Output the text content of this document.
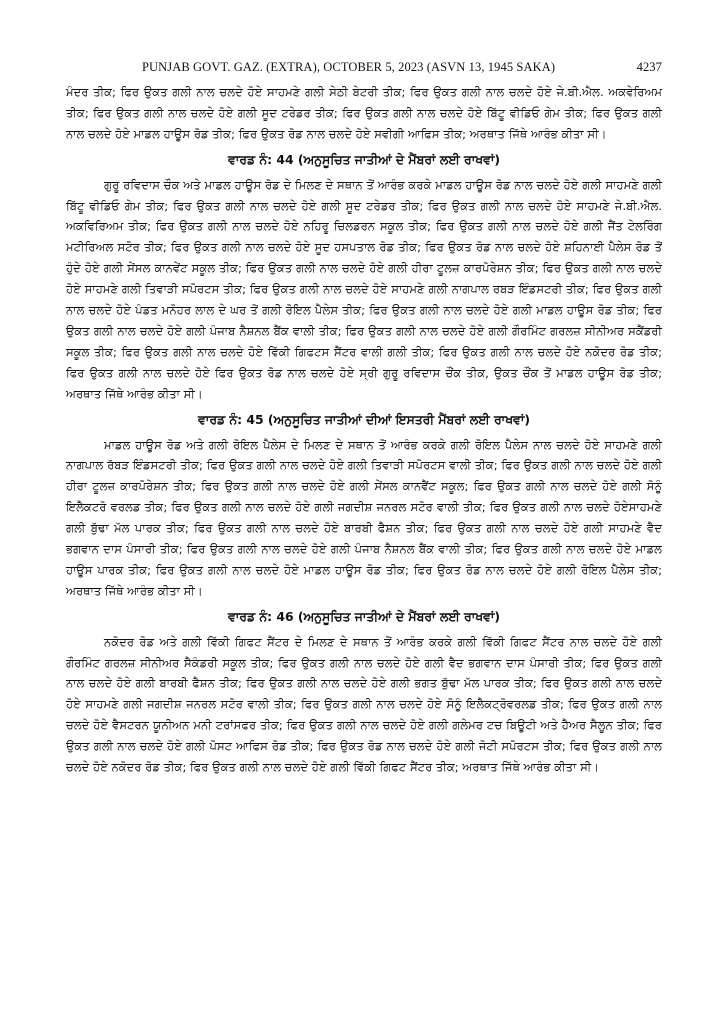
PUNJAB GOVT. GAZ. (EXTRA), OCTOBER 5, 2023 (ASVN 13, 1945 SAKA)	4237

ਮੰਦਰ ਤੀਕ; ਫਿਰ ਉਕਤ ਗਲੀ ਨਾਲ ਚਲਦੇ ਹੋਏ ਸਾਹਮਣੇ ਗਲੀ ਸੇਠੀ ਬੇਟਰੀ ਤੀਕ; ਫਿਰ ਉਕਤ ਗਲੀ ਨਾਲ ਚਲਦੇ ਹੋਏ ਜੇ.ਬੀ.ਐਲ. ਅਕਵੇਰਿਅਮ ਤੀਕ; ਫਿਰ ਉਕਤ ਗਲੀ ਨਾਲ ਚਲਦੇ ਹੋਏ ਗਲੀ ਸੂਦ ਟਰੇਡਰ ਤੀਕ; ਫਿਰ ਉਕਤ ਗਲੀ ਨਾਲ ਚਲਦੇ ਹੋਏ ਬਿੱਟੂ ਵੀਡਿਓ ਗੇਮ ਤੀਕ; ਫਿਰ ਉਕਤ ਗਲੀ ਨਾਲ ਚਲਦੇ ਹੋਏ ਮਾਡਲ ਹਾਊਸ ਰੋਡ ਤੀਕ; ਫਿਰ ਉਕਤ ਰੋਡ ਨਾਲ ਚਲਦੇ ਹੋਏ ਸਵੀਗੀ ਆਫਿਸ ਤੀਕ; ਅਰਥਾਤ ਜਿੱਥੇ ਆਰੰਭ ਕੀਤਾ ਸੀ।

ਵਾਰਡ ਨੰ: 44 (ਅਨੁਸੂਚਿਤ ਜਾਤੀਆਂ ਦੇ ਮੈਂਬਰਾਂ ਲਈ ਰਾਖਵਾਂ)

ਗੁਰੂ ਰਵਿਦਾਸ ਚੌਕ ਅਤੇ ਮਾਡਲ ਹਾਊਸ ਰੋਡ ਦੇ ਮਿਲਣ ਦੇ ਸਥਾਨ ਤੋਂ ਆਰੰਭ ਕਰਕੇ ਮਾਡਲ ਹਾਊਸ ਰੋਡ ਨਾਲ ਚਲਦੇ ਹੋਏ ਗਲੀ ਸਾਹਮਣੇ ਗਲੀ ਬਿੱਟੂ ਵੀਡਿਓ ਗੇਮ ਤੀਕ; ਫਿਰ ਉਕਤ ਗਲੀ ਨਾਲ ਚਲਦੇ ਹੋਏ ਗਲੀ ਸੂਦ ਟਰੇਡਰ ਤੀਕ; ਫਿਰ ਉਕਤ ਗਲੀ ਨਾਲ ਚਲਦੇ ਹੋਏ ਸਾਹਮਣੇ ਜੇ.ਬੀ.ਐਲ. ਅਕਵਿਰਿਅਮ ਤੀਕ; ਫਿਰ ਉਕਤ ਗਲੀ ਨਾਲ ਚਲਦੇ ਹੋਏ ਨਹਿਰੂ ਚਿਲਡਰਨ ਸਕੂਲ ਤੀਕ; ਫਿਰ ਉਕਤ ਗਲੀ ਨਾਲ ਚਲਦੇ ਹੋਏ ਗਲੀ ਜੈਂਤ ਟੇਲਰਿੰਗ ਮਟੀਰਿਅਲ ਸਟੋਰ ਤੀਕ; ਫਿਰ ਉਕਤ ਗਲੀ ਨਾਲ ਚਲਦੇ ਹੋਏ ਸੂਦ ਹਸਪਤਾਲ ਰੋਡ ਤੀਕ; ਫਿਰ ਉਕਤ ਰੋਡ ਨਾਲ ਚਲਦੇ ਹੋਏ ਸ਼ਹਿਨਾਈ ਪੈਲੇਸ ਰੋਡ ਤੋਂ ਹੁੰਦੇ ਹੋਏ ਗਲੀ ਸੇਂਸਲ ਕਾਨਵੇਂਟ ਸਕੂਲ ਤੀਕ; ਫਿਰ ਉਕਤ ਗਲੀ ਨਾਲ ਚਲਦੇ ਹੋਏ ਗਲੀ ਹੀਰਾ ਟੂਲਜ਼ ਕਾਰਪੋਰੇਸ਼ਨ ਤੀਕ; ਫਿਰ ਉਕਤ ਗਲੀ ਨਾਲ ਚਲਦੇ ਹੋਏ ਸਾਹਮਣੇ ਗਲੀ ਤਿਵਾੜੀ ਸਪੋਰਟਸ ਤੀਕ; ਫਿਰ ਉਕਤ ਗਲੀ ਨਾਲ ਚਲਦੇ ਹੋਏ ਸਾਹਮਣੇ ਗਲੀ ਨਾਗਪਾਲ ਰਬੜ ਇੰਡਸਟਰੀ ਤੀਕ; ਫਿਰ ਉਕਤ ਗਲੀ ਨਾਲ ਚਲਦੇ ਹੋਏ ਪੰਡਤ ਮਨੋਹਰ ਲਾਲ ਦੇ ਘਰ ਤੋਂ ਗਲੀ ਰੋਇਲ ਪੈਲੇਸ ਤੀਕ; ਫਿਰ ਉਕਤ ਗਲੀ ਨਾਲ ਚਲਦੇ ਹੋਏ ਗਲੀ ਮਾਡਲ ਹਾਊਸ ਰੋਡ ਤੀਕ; ਫਿਰ ਉਕਤ ਗਲੀ ਨਾਲ ਚਲਦੇ ਹੋਏ ਗਲੀ ਪੰਜਾਬ ਨੈਸ਼ਨਲ ਬੈਂਕ ਵਾਲੀ ਤੀਕ; ਫਿਰ ਉਕਤ ਗਲੀ ਨਾਲ ਚਲਦੇ ਹੋਏ ਗਲੀ ਗੌਰਮਿੰਟ ਗਰਲਜ਼ ਸੀਨੀਅਰ ਸਕੈਂਡਰੀ ਸਕੂਲ ਤੀਕ; ਫਿਰ ਉਕਤ ਗਲੀ ਨਾਲ ਚਲਦੇ ਹੋਏ ਵਿੱਕੀ ਗਿਫਟਸ ਸੈਂਟਰ ਵਾਲੀ ਗਲੀ ਤੀਕ; ਫਿਰ ਉਕਤ ਗਲੀ ਨਾਲ ਚਲਦੇ ਹੋਏ ਨਕੋਦਰ ਰੋਡ ਤੀਕ; ਫਿਰ ਉਕਤ ਗਲੀ ਨਾਲ ਚਲਦੇ ਹੋਏ ਫਿਰ ਉਕਤ ਰੋਡ ਨਾਲ ਚਲਦੇ ਹੋਏ ਸ੍ਰੀ ਗੁਰੂ ਰਵਿਦਾਸ ਚੌਂਕ ਤੀਕ, ਉਕਤ ਚੌਂਕ ਤੋਂ ਮਾਡਲ ਹਾਊਸ ਰੋਡ ਤੀਕ; ਅਰਥਾਤ ਜਿੱਥੇ ਆਰੰਭ ਕੀਤਾ ਸੀ।

ਵਾਰਡ ਨੰ: 45 (ਅਨੁਸੂਚਿਤ ਜਾਤੀਆਂ ਦੀਆਂ ਇਸਤਰੀ ਮੈਂਬਰਾਂ ਲਈ ਰਾਖਵਾਂ)

ਮਾਡਲ ਹਾਊਸ ਰੋਡ ਅਤੇ ਗਲੀ ਰੋਇਲ ਪੈਲੇਸ ਦੇ ਮਿਲਣ ਦੇ ਸਥਾਨ ਤੋਂ ਆਰੰਭ ਕਰਕੇ ਗਲੀ ਰੋਇਲ ਪੈਲੇਸ ਨਾਲ ਚਲਦੇ ਹੋਏ ਸਾਹਮਣੇ ਗਲੀ ਨਾਗਪਾਲ ਰੱਬੜ ਇੰਡਸਟਰੀ ਤੀਕ; ਫਿਰ ਉਕਤ ਗਲੀ ਨਾਲ ਚਲਦੇ ਹੋਏ ਗਲੀ ਤਿਵਾੜੀ ਸਪੋਰਟਸ ਵਾਲੀ ਤੀਕ; ਫਿਰ ਉਕਤ ਗਲੀ ਨਾਲ ਚਲਦੇ ਹੋਏ ਗਲੀ ਹੀਰਾ ਟੂਲਜ਼ ਕਾਰਪੋਰੇਸ਼ਨ ਤੀਕ; ਫਿਰ ਉਕਤ ਗਲੀ ਨਾਲ ਚਲਦੇ ਹੋਏ ਗਲੀ ਸੇਂਸਲ ਕਾਨਵੈਂਟ ਸਕੂਲ; ਫਿਰ ਉਕਤ ਗਲੀ ਨਾਲ ਚਲਦੇ ਹੋਏ ਗਲੀ ਸੋਨੂੰ ਇਲੈਕਟਰੋ ਵਰਲਡ ਤੀਕ; ਫਿਰ ਉਕਤ ਗਲੀ ਨਾਲ ਚਲਦੇ ਹੋਏ ਗਲੀ ਜਗਦੀਸ਼ ਜਨਰਲ ਸਟੋਰ ਵਾਲੀ ਤੀਕ; ਫਿਰ ਉਕਤ ਗਲੀ ਨਾਲ ਚਲਦੇ ਹੋਏਸਾਹਮਣੇ ਗਲੀ ਬੁੱਢਾ ਮੱਲ ਪਾਰਕ ਤੀਕ; ਫਿਰ ਉਕਤ ਗਲੀ ਨਾਲ ਚਲਦੇ ਹੋਏ ਬਾਰਬੀ ਫੈਸ਼ਨ ਤੀਕ; ਫਿਰ ਉਕਤ ਗਲੀ ਨਾਲ ਚਲਦੇ ਹੋਏ ਗਲੀ ਸਾਹਮਣੇ ਵੈਦ ਭਗਵਾਨ ਦਾਸ ਪੰਸਾਰੀ ਤੀਕ; ਫਿਰ ਉਕਤ ਗਲੀ ਨਾਲ ਚਲਦੇ ਹੋਏ ਗਲੀ ਪੰਜਾਬ ਨੈਸ਼ਨਲ ਬੈਂਕ ਵਾਲੀ ਤੀਕ; ਫਿਰ ਉਕਤ ਗਲੀ ਨਾਲ ਚਲਦੇ ਹੋਏ ਮਾਡਲ ਹਾਊਸ ਪਾਰਕ ਤੀਕ; ਫਿਰ ਉਕਤ ਗਲੀ ਨਾਲ ਚਲਦੇ ਹੋਏ ਮਾਡਲ ਹਾਊਸ ਰੋਡ ਤੀਕ; ਫਿਰ ਉਕਤ ਰੋਡ ਨਾਲ ਚਲਦੇ ਹੋਏ ਗਲੀ ਰੋਇਲ ਪੈਲੇਸ ਤੀਕ; ਅਰਥਾਤ ਜਿੱਥੇ ਆਰੰਭ ਕੀਤਾ ਸੀ।

ਵਾਰਡ ਨੰ: 46 (ਅਨੁਸੂਚਿਤ ਜਾਤੀਆਂ ਦੇ ਮੈਂਬਰਾਂ ਲਈ ਰਾਖਵਾਂ)

ਨਕੋਦਰ ਰੋਡ ਅਤੇ ਗਲੀ ਵਿੱਕੀ ਗਿਫਟ ਸੈਂਟਰ ਦੇ ਮਿਲਣ ਦੇ ਸਥਾਨ ਤੋਂ ਆਰੰਭ ਕਰਕੇ ਗਲੀ ਵਿੱਕੀ ਗਿਫਟ ਸੈਂਟਰ ਨਾਲ ਚਲਦੇ ਹੋਏ ਗਲੀ ਗੌਰਮਿੰਟ ਗਰਲਜ਼ ਸੀਨੀਅਰ ਸੈਕੰਡਰੀ ਸਕੂਲ ਤੀਕ; ਫਿਰ ਉਕਤ ਗਲੀ ਨਾਲ ਚਲਦੇ ਹੋਏ ਗਲੀ ਵੈਦ ਭਗਵਾਨ ਦਾਸ ਪੰਸਾਰੀ ਤੀਕ; ਫਿਰ ਉਕਤ ਗਲੀ ਨਾਲ ਚਲਦੇ ਹੋਏ ਗਲੀ ਬਾਰਬੀ ਫੈਸ਼ਨ ਤੀਕ; ਫਿਰ ਉਕਤ ਗਲੀ ਨਾਲ ਚਲਦੇ ਹੋਏ ਗਲੀ ਭਗਤ ਬੁੱਢਾ ਮੱਲ ਪਾਰਕ ਤੀਕ; ਫਿਰ ਉਕਤ ਗਲੀ ਨਾਲ ਚਲਦੇ ਹੋਏ ਸਾਹਮਣੇ ਗਲੀ ਜਗਦੀਸ਼ ਜਨਰਲ ਸਟੋਰ ਵਾਲੀ ਤੀਕ; ਫਿਰ ਉਕਤ ਗਲੀ ਨਾਲ ਚਲਦੇ ਹੋਏ ਸੋਨੂੰ ਇਲੈਕਟ੍ਰੋਵਰਲਡ ਤੀਕ; ਫਿਰ ਉਕਤ ਗਲੀ ਨਾਲ ਚਲਦੇ ਹੋਏ ਵੈਸਟਰਨ ਯੂਨੀਅਨ ਮਨੀ ਟਰਾਂਸਫਰ ਤੀਕ; ਫਿਰ ਉਕਤ ਗਲੀ ਨਾਲ ਚਲਦੇ ਹੋਏ ਗਲੀ ਗਲੇਮਰ ਟਚ ਬਿਊਟੀ ਅਤੇ ਹੈਅਰ ਸੈਲੂਨ ਤੀਕ; ਫਿਰ ਉਕਤ ਗਲੀ ਨਾਲ ਚਲਦੇ ਹੋਏ ਗਲੀ ਪੋਸਟ ਆਫਿਸ ਰੋਡ ਤੀਕ; ਫਿਰ ਉਕਤ ਰੋਡ ਨਾਲ ਚਲਦੇ ਹੋਏ ਗਲੀ ਜੋਟੀ ਸਪੋਰਟਸ ਤੀਕ; ਫਿਰ ਉਕਤ ਗਲੀ ਨਾਲ ਚਲਦੇ ਹੋਏ ਨਕੋਦਰ ਰੋਡ ਤੀਕ; ਫਿਰ ਉਕਤ ਗਲੀ ਨਾਲ ਚਲਦੇ ਹੋਏ ਗਲੀ ਵਿੱਕੀ ਗਿਫਟ ਸੈਂਟਰ ਤੀਕ; ਅਰਥਾਤ ਜਿੱਥੇ ਆਰੰਭ ਕੀਤਾ ਸੀ।
